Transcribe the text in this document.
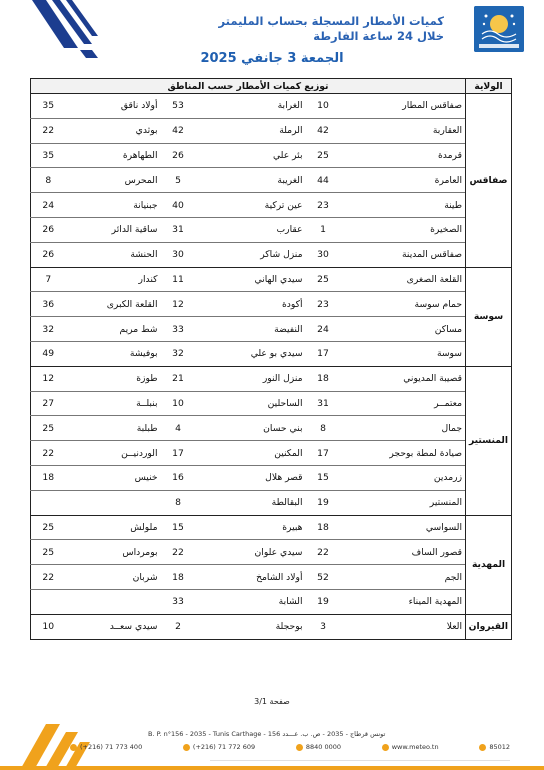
كميات الأمطار المسجلة بحساب المليمتر
خلال 24 ساعة الفارطة
الجمعة 3 جانفي 2025
الولاية	توزيع كميات الأمطار حسب المناطق					
صفاقس	صفاقس المطار	10	الغرابة	53	أولاد ناقق	35
	العقاربة	42	الرملة	42	بوثدي	22
	قرمدة	25	بئر علي	26	الطهاهرة	35
	العامرة	44	الغريبة	5	المحرس	8
	طينة	23	عين تركية	40	جبنيانة	24
	الصخيرة	1	عقارب	31	ساقية الدائر	26
	صفاقس المدينة	30	منزل شاكر	30	الحنشة	26
سوسة	القلعة الصغرى	25	سيدي الهاني	11	كندار	7
	حمام سوسة	23	أكودة	12	القلعة الكبرى	36
	مساكن	24	النفيضة	33	شط مريم	32
	سوسة	17	سيدي بو علي	32	بوفيشة	49
المنستير	قصيبة المديوني	18	منزل النور	21	طوزة	12
	معتمــر	31	الساحلين	10	بنبلــة	27
	جمال	8	بني حسان	4	طبلبة	25
	صيادة لمطة بوحجر	17	المكنين	17	الوردنيــن	22
	زرمدين	15	قصر هلال	16	خنيس	18
	المنستير	19	البقالطة	8		
المهدية	السواسي	18	هبيرة	15	ملولش	25
	قصور الساف	22	سيدي علوان	22	بومرداس	25
	الجم	52	أولاد الشامخ	18	شربان	22
	المهدية الميناء	19	الشابة	33		
القيروان	العلا	3	بوحجلة	2	سيدي سعــد	10
صفحة 3/1
B. P. n°156 - 2035 - Tunis Carthage - تونس قرطاج - 2035 - ص. ب. عـــدد 156
(+216) 71 773 400	(+216) 71 772 609	8840 0000	www.meteo.tn	85012
